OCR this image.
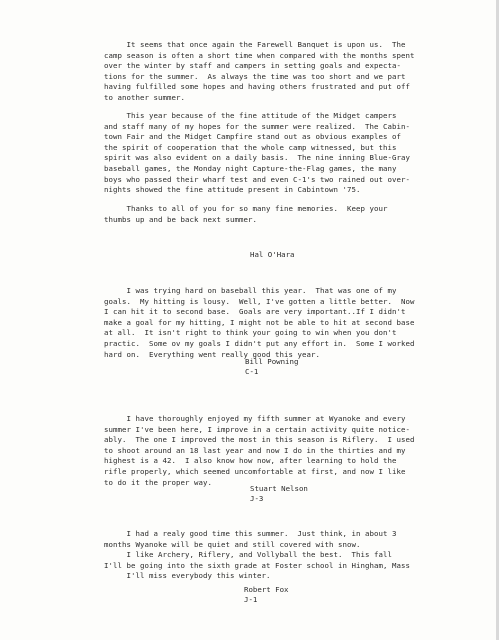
It seems that once again the Farewell Banquet is upon us.  The
camp season is often a short time when compared with the months spent
over the winter by staff and campers in setting goals and expecta-
tions for the summer.  As always the time was too short and we part
having fulfilled some hopes and having others frustrated and put off
to another summer.
This year because of the fine attitude of the Midget campers
and staff many of my hopes for the summer were realized.  The Cabin-
town Fair and the Midget Campfire stand out as obvious examples of
the spirit of cooperation that the whole camp witnessed, but this
spirit was also evident on a daily basis.  The nine inning Blue-Gray
baseball games, the Monday night Capture-the-Flag games, the many
boys who passed their wharf test and even C-1's two rained out over-
nights showed the fine attitude present in Cabintown '75.
Thanks to all of you for so many fine memories.  Keep your
thumbs up and be back next summer.
Hal O'Hara
I was trying hard on baseball this year.  That was one of my
goals.  My hitting is lousy.  Well, I've gotten a little better.  Now
I can hit it to second base.  Goals are very important..If I didn't
make a goal for my hitting, I might not be able to hit at second base
at all.  It isn't right to think your going to win when you don't
practic.  Some ov my goals I didn't put any effort in.  Some I worked
hard on.  Everything went really good this year.
Bill Powning
C-1
I have thoroughly enjoyed my fifth summer at Wyanoke and every
summer I've been here, I improve in a certain activity quite notice-
ably.  The one I improved the most in this season is Riflery.  I used
to shoot around an 18 last year and now I do in the thirties and my
highest is a 42.  I also know how now, after learning to hold the
rifle properly, which seemed uncomfortable at first, and now I like
to do it the proper way.
Stuart Nelson
J-3
I had a realy good time this summer.  Just think, in about 3
months Wyanoke will be quiet and still covered with snow.
I like Archery, Riflery, and Vollyball the best.  This fall
I'll be going into the sixth grade at Foster school in Hingham, Mass
I'll miss everybody this winter.
Robert Fox
J-1
